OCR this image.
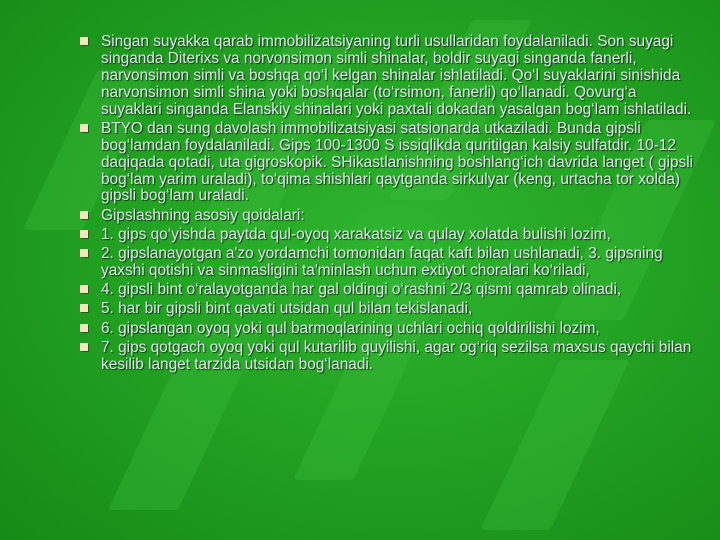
Singan suyakka qarab immobilizatsiyaning turli usullaridan foydalaniladi. Son suyagi singanda Diterixs va norvonsimon simli shinalar, boldir suyagi singanda fanerli, narvonsimon simli va boshqa qo‘l kelgan shinalar ishlatiladi. Qo‘l suyaklarini sinishida narvonsimon simli shina yoki boshqalar (to‘rsimon, fanerli) qo‘llanadi. Qovurg‘a suyaklari singanda Elanskiy shinalari yoki paxtali dokadan yasalgan bog‘lam ishlatiladi.
BTYO dan sung davolash immobilizatsiyasi satsionarda utkaziladi. Bunda gipsli bog‘lamdan foydalaniladi. Gips 100-1300 S issiqlikda quritilgan kalsiy sulfatdir. 10-12 daqiqada qotadi, uta gigroskopik. SHikastlanishning boshlang‘ich davrida langet ( gipsli bog‘lam yarim uraladi), to‘qima shishlari qaytganda sirkulyar (keng, urtacha tor xolda) gipsli bog‘lam uraladi.
Gipslashning asosiy qoidalari:
1. gips qo‘yishda paytda qul-oyoq xarakatsiz va qulay xolatda bulishi lozim,
2. gipslanayotgan a'zo yordamchi tomonidan faqat kaft bilan ushlanadi, 3. gipsning yaxshi qotishi va sinmasligini ta'minlash uchun extiyot choralari ko‘riladi,
4. gipsli bint o‘ralayotganda har gal oldingi o‘rashni 2/3 qismi qamrab olinadi,
5. har bir gipsli bint qavati utsidan qul bilan tekislanadi,
6. gipslangan oyoq yoki qul barmoqlarining uchlari ochiq qoldirilishi lozim,
7. gips qotgach oyoq yoki qul kutarilib quyilishi, agar og‘riq sezilsa maxsus qaychi bilan kesilib langet tarzida utsidan bog‘lanadi.
